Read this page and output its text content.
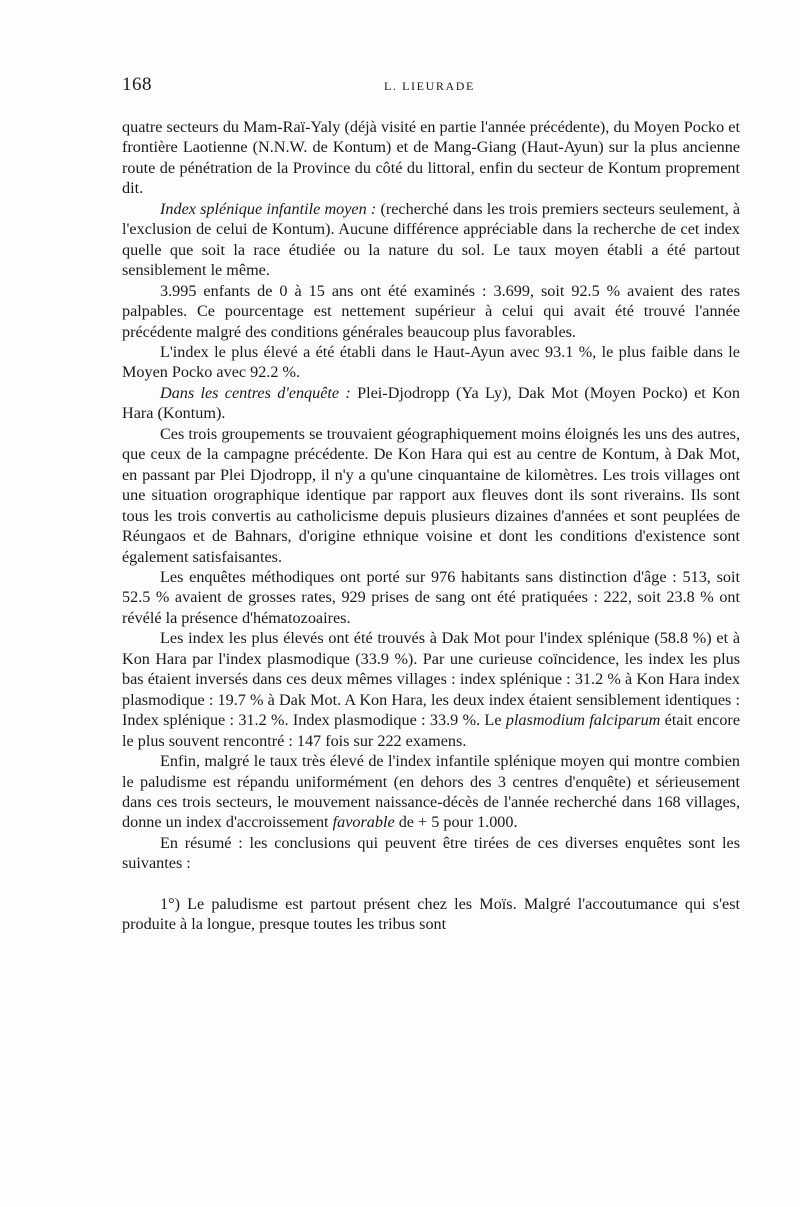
168	L. LIEURADE

quatre secteurs du Mam-Raï-Yaly (déjà visité en partie l'année précédente), du Moyen Pocko et frontière Laotienne (N.N.W. de Kontum) et de Mang-Giang (Haut-Ayun) sur la plus ancienne route de pénétration de la Province du côté du littoral, enfin du secteur de Kontum proprement dit.

Index splénique infantile moyen : (recherché dans les trois premiers secteurs seulement, à l'exclusion de celui de Kontum). Aucune différence appréciable dans la recherche de cet index quelle que soit la race étudiée ou la nature du sol. Le taux moyen établi a été partout sensiblement le même.

3.995 enfants de 0 à 15 ans ont été examinés : 3.699, soit 92.5 % avaient des rates palpables. Ce pourcentage est nettement supérieur à celui qui avait été trouvé l'année précédente malgré des conditions générales beaucoup plus favorables.

L'index le plus élevé a été établi dans le Haut-Ayun avec 93.1 %, le plus faible dans le Moyen Pocko avec 92.2 %.

Dans les centres d'enquête : Plei-Djodropp (Ya Ly), Dak Mot (Moyen Pocko) et Kon Hara (Kontum).

Ces trois groupements se trouvaient géographiquement moins éloignés les uns des autres, que ceux de la campagne précédente. De Kon Hara qui est au centre de Kontum, à Dak Mot, en passant par Plei Djodropp, il n'y a qu'une cinquantaine de kilomètres. Les trois villages ont une situation orographique identique par rapport aux fleuves dont ils sont riverains. Ils sont tous les trois convertis au catholicisme depuis plusieurs dizaines d'années et sont peuplées de Réungaos et de Bahnars, d'origine ethnique voisine et dont les conditions d'existence sont également satisfaisantes.

Les enquêtes méthodiques ont porté sur 976 habitants sans distinction d'âge : 513, soit 52.5 % avaient de grosses rates, 929 prises de sang ont été pratiquées : 222, soit 23.8 % ont révélé la présence d'hématozoaires.

Les index les plus élevés ont été trouvés à Dak Mot pour l'index splénique (58.8 %) et à Kon Hara par l'index plasmodique (33.9 %). Par une curieuse coïncidence, les index les plus bas étaient inversés dans ces deux mêmes villages : index splénique : 31.2 % à Kon Hara index plasmodique : 19.7 % à Dak Mot. A Kon Hara, les deux index étaient sensiblement identiques : Index splénique : 31.2 %. Index plasmodique : 33.9 %. Le plasmodium falciparum était encore le plus souvent rencontré : 147 fois sur 222 examens.

Enfin, malgré le taux très élevé de l'index infantile splénique moyen qui montre combien le paludisme est répandu uniformément (en dehors des 3 centres d'enquête) et sérieusement dans ces trois secteurs, le mouvement naissance-décès de l'année recherché dans 168 villages, donne un index d'accroissement favorable de + 5 pour 1.000.

En résumé : les conclusions qui peuvent être tirées de ces diverses enquêtes sont les suivantes :

1°) Le paludisme est partout présent chez les Moïs. Malgré l'accoutumance qui s'est produite à la longue, presque toutes les tribus sont
